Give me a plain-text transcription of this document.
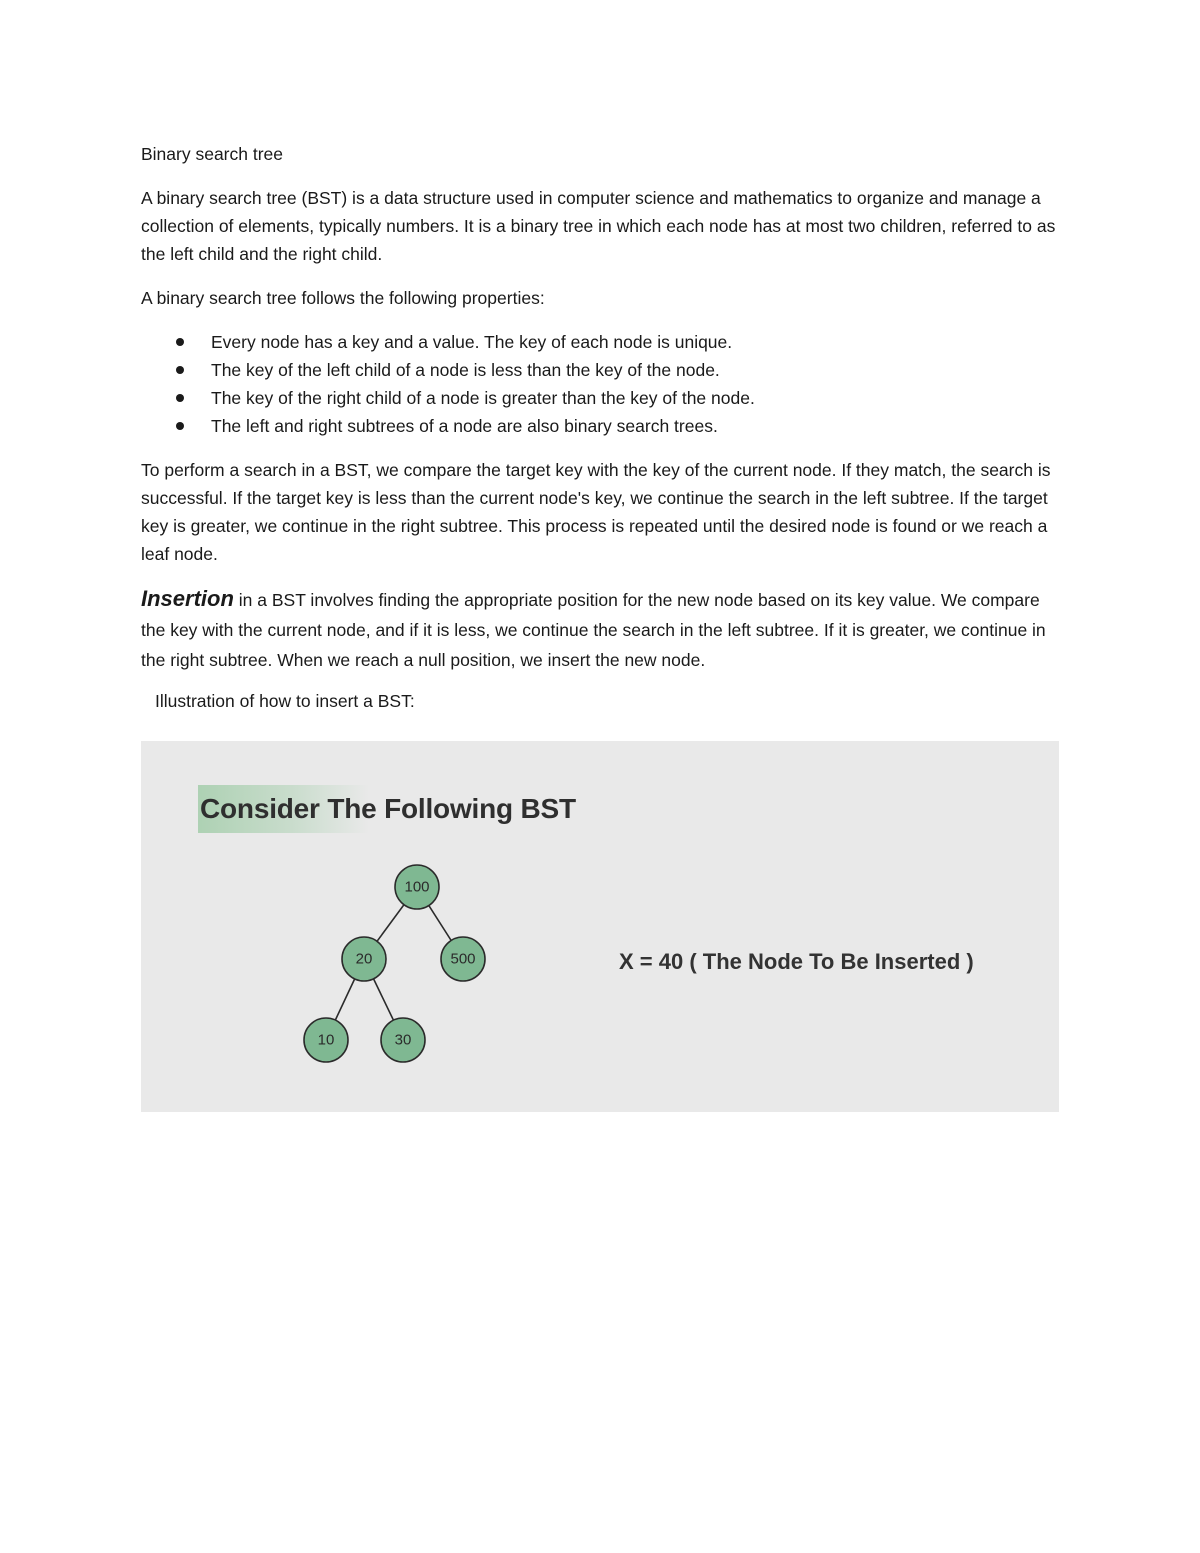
Binary search tree

A binary search tree (BST) is a data structure used in computer science and mathematics to organize and manage a collection of elements, typically numbers. It is a binary tree in which each node has at most two children, referred to as the left child and the right child.

A binary search tree follows the following properties:

Every node has a key and a value. The key of each node is unique.
The key of the left child of a node is less than the key of the node.
The key of the right child of a node is greater than the key of the node.
The left and right subtrees of a node are also binary search trees.

To perform a search in a BST, we compare the target key with the key of the current node. If they match, the search is successful. If the target key is less than the current node's key, we continue the search in the left subtree. If the target key is greater, we continue in the right subtree. This process is repeated until the desired node is found or we reach a leaf node.

Insertion in a BST involves finding the appropriate position for the new node based on its key value. We compare the key with the current node, and if it is less, we continue the search in the left subtree. If it is greater, we continue in the right subtree. When we reach a null position, we insert the new node.

Illustration of how to insert a BST:

Consider The Following BST
100
20	500
10	30
X = 40 ( The Node To Be Inserted )
